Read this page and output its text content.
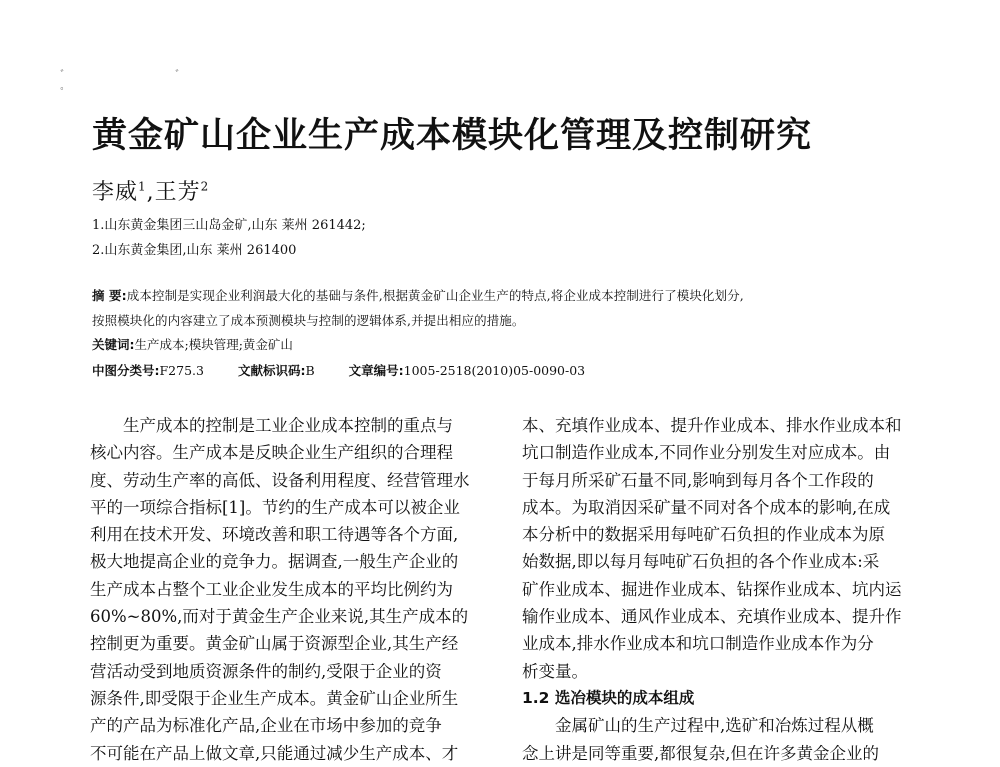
ﾞ	ﾞ
ﾟ
黄金矿山企业生产成本模块化管理及控制研究
李威$^1$,王芳$^2$
1.山东黄金集团三山岛金矿,山东 莱州 261442;
2.山东黄金集团,山东 莱州 261400
摘 要:成本控制是实现企业利润最大化的基础与条件,根据黄金矿山企业生产的特点,将企业成本控制进行了模块化划分,
按照模块化的内容建立了成本预测模块与控制的逻辑体系,并提出相应的措施。
关键词:生产成本;模块管理;黄金矿山
中图分类号:F275.3	文献标识码:B	文章编号:1005-2518(2010)05-0090-03
生产成本的控制是工业企业成本控制的重点与
核心内容。生产成本是反映企业生产组织的合理程
度、劳动生产率的高低、设备利用程度、经营管理水
平的一项综合指标[1]。节约的生产成本可以被企业
利用在技术开发、环境改善和职工待遇等各个方面,
极大地提高企业的竞争力。据调查,一般生产企业的
生产成本占整个工业企业发生成本的平均比例约为
60%~80%,而对于黄金生产企业来说,其生产成本的
控制更为重要。黄金矿山属于资源型企业,其生产经
营活动受到地质资源条件的制约,受限于企业的资
源条件,即受限于企业生产成本。黄金矿山企业所生
产的产品为标准化产品,企业在市场中参加的竞争
不可能在产品上做文章,只能通过减少生产成本、才
本、充填作业成本、提升作业成本、排水作业成本和
坑口制造作业成本,不同作业分别发生对应成本。由
于每月所采矿石量不同,影响到每月各个工作段的
成本。为取消因采矿量不同对各个成本的影响,在成
本分析中的数据采用每吨矿石负担的作业成本为原
始数据,即以每月每吨矿石负担的各个作业成本:采
矿作业成本、掘进作业成本、钻探作业成本、坑内运
输作业成本、通风作业成本、充填作业成本、提升作
业成本,排水作业成本和坑口制造作业成本作为分
析变量。
1.2 选冶模块的成本组成
金属矿山的生产过程中,选矿和冶炼过程从概
念上讲是同等重要,都很复杂,但在许多黄金企业的
